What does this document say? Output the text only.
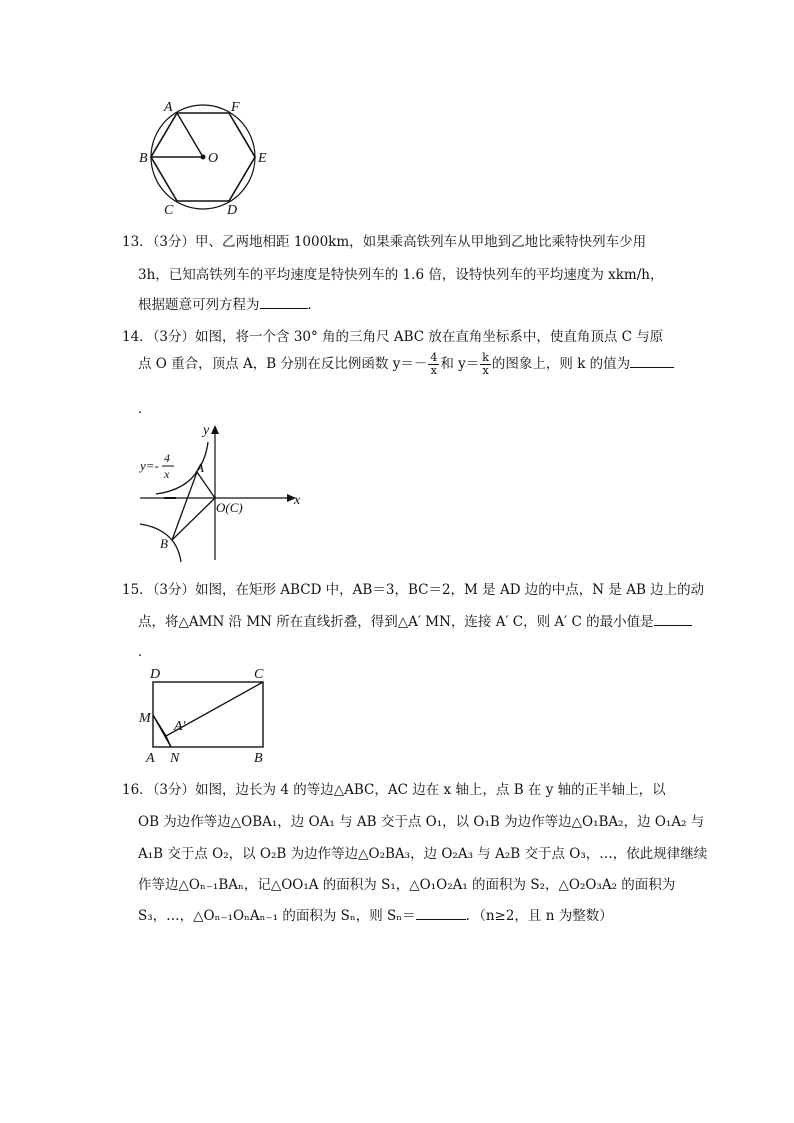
A	F
B	O	E
C	D
13．（3分）甲、乙两地相距 1000km，如果乘高铁列车从甲地到乙地比乘特快列车少用
3h，已知高铁列车的平均速度是特快列车的 1.6 倍，设特快列车的平均速度为 xkm/h，
根据题意可列方程为	．
14．（3分）如图，将一个含 30° 角的三角尺 ABC 放在直角坐标系中，使直角顶点 C 与原
点 O 重合，顶点 A，B 分别在反比例函数 $y=- \frac{4}{x}$ 和 $y= \frac{k}{x}$ 的图象上，则 k 的值为
．
y
x
y=- 4
x A
B
O(C)
15．（3分）如图，在矩形 ABCD 中，AB＝3，BC＝2，M 是 AD 边的中点，N 是 AB 边上的动
点，将△AMN 沿 MN 所在直线折叠，得到△A′ MN，连接 A′ C，则 A′ C 的最小值是
．
D	C
M
A′
A N	B
16．（3分）如图，边长为 4 的等边△ABC，AC 边在 x 轴上，点 B 在 y 轴的正半轴上，以
OB 为边作等边△OBA₁，边 OA₁ 与 AB 交于点 O₁，以 O₁B 为边作等边△O₁BA₂，边 O₁A₂ 与
A₁B 交于点 O₂，以 O₂B 为边作等边△O₂BA₃，边 O₂A₃ 与 A₂B 交于点 O₃，…，依此规律继续
作等边△Oₙ₋₁BAₙ，记△OO₁A 的面积为 S₁，△O₁O₂A₁ 的面积为 S₂，△O₂O₃A₂ 的面积为
S₃，…，△Oₙ₋₁OₙAₙ₋₁ 的面积为 Sₙ，则 Sₙ＝	．（n≥2，且 n 为整数）
